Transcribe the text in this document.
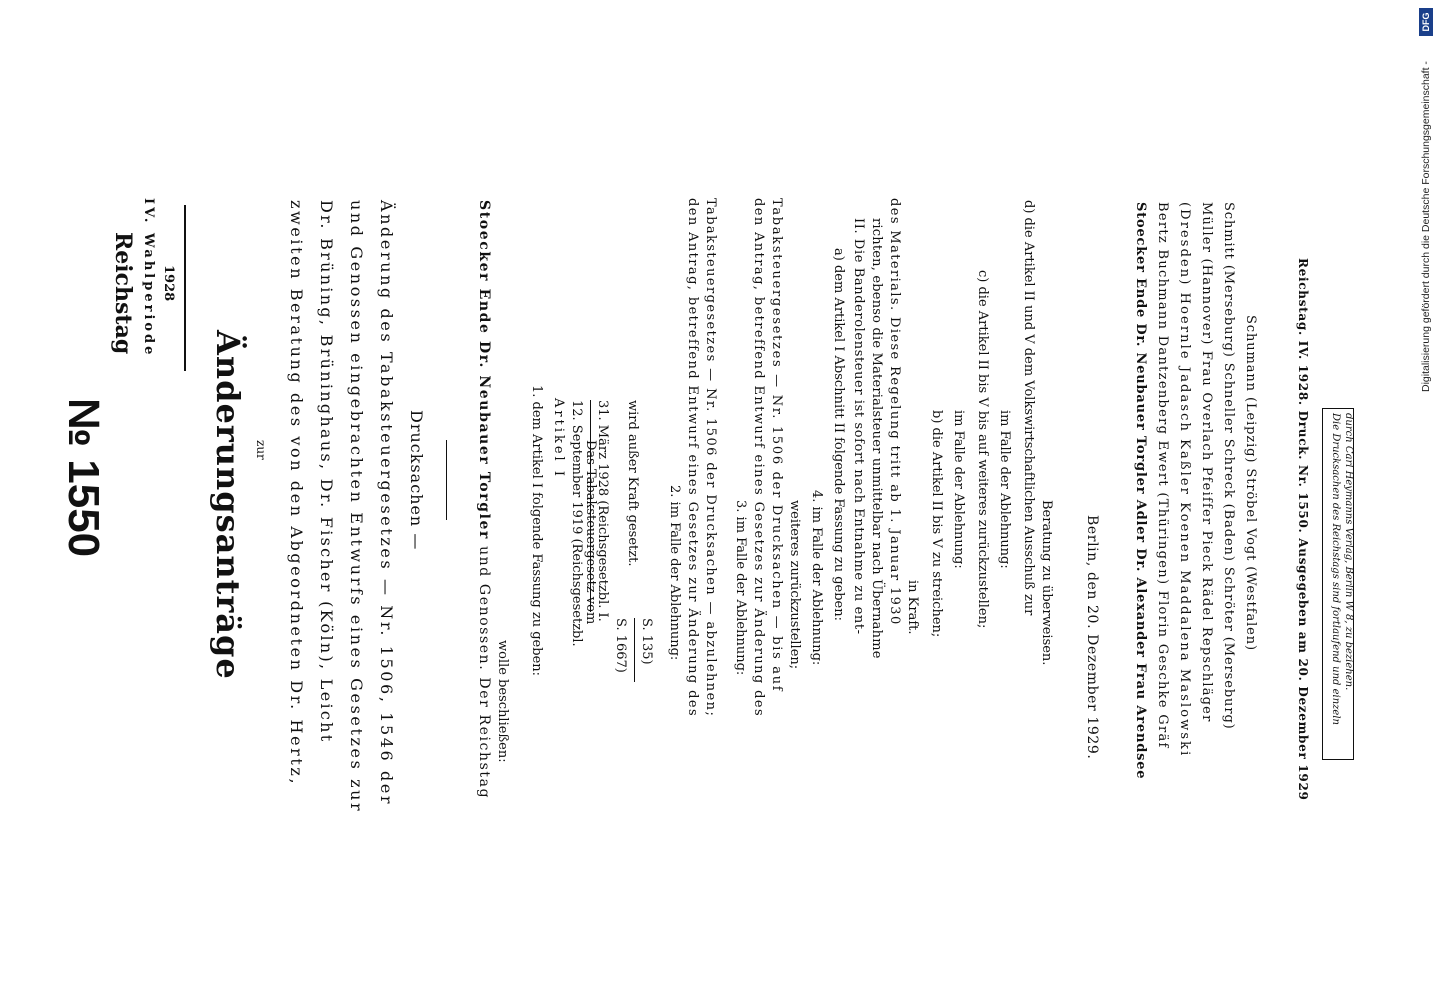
№ 1550
Reichstag IV. Wahlperiode 1928
Änderungsanträge zur zweiten Beratung des von den Abgeordneten Dr. Hertz, Dr. Brüning, Brüninghaus, Dr. Fischer (Köln), Leicht und Genossen eingebrachten Entwurfs eines Gesetzes zur Änderung des Tabaksteuergesetzes — Nr. 1506, 1546 der Drucksachen —	Stoecker Ende Dr. Neubauer Torgler und Genossen. Der Reichstag wolle beschließen:
1. dem Artikel I folgende Fassung zu geben: Artikel I 12. September 1919 (Reichsgesetzbl. Das Tabaksteuergesetz vom
31. März 1928 (Reichsgesetzbl. I.
S. 1667)
wird außer Kraft gesetzt.
S. 135) 2. im Falle der Ablehnung: den Antrag, betreffend Entwurf eines Gesetzes zur Änderung des Tabaksteuergesetzes — Nr. 1506 der Drucksachen — abzulehnen; 3. im Falle der Ablehnung: den Antrag, betreffend Entwurf eines Gesetzes zur Änderung des Tabaksteuergesetzes — Nr. 1506 der Drucksachen — bis auf weiteres zurückzustellen; 4. im Falle der Ablehnung: a) dem Artikel I Abschnitt II folgende Fassung zu geben: II. Die Banderolensteuer ist sofort nach Entnahme zu ent- richten, ebenso die Materialsteuer unmittelbar nach Übernahme des Materials. Diese Regelung tritt ab 1. Januar 1930 in Kraft. b) die Artikel II bis V zu streichen; im Falle der Ablehnung: c) die Artikel II bis V bis auf weiteres zurückzustellen; im Falle der Ablehnung: d) die Artikel II und V dem Volkswirtschaftlichen Ausschuß zur Beratung zu überweisen. Berlin, den 20. Dezember 1929.	Stoecker Ende Dr. Neubauer Torgler Adler Dr. Alexander Frau Arendsee Bertz Buchmann Dantzenberg Ewert (Thüringen) Florin Geschke Gräf (Dresden) Hoernle Jadasch Kaßler Koenen Maddalena Maslowski Müller (Hannover) Frau Overlach Pfeiffer Pieck Rädel Repschläger Schmitt (Merseburg) Schneller Schreck (Baden) Schröter (Merseburg) Schumann (Leipzig) Ströbel Vogt (Westfalen)	Reichstag. IV. 1928. Druck. Nr. 1550. Ausgegeben am 20. Dezember 1929 Die Drucksachen des Reichstags sind fortlaufend und einzeln durch Carl Heymanns Verlag, Berlin W 8, zu beziehen.
Digitalisierung gefördert durch die Deutsche Forschungsgemeinschaft -
DFG
